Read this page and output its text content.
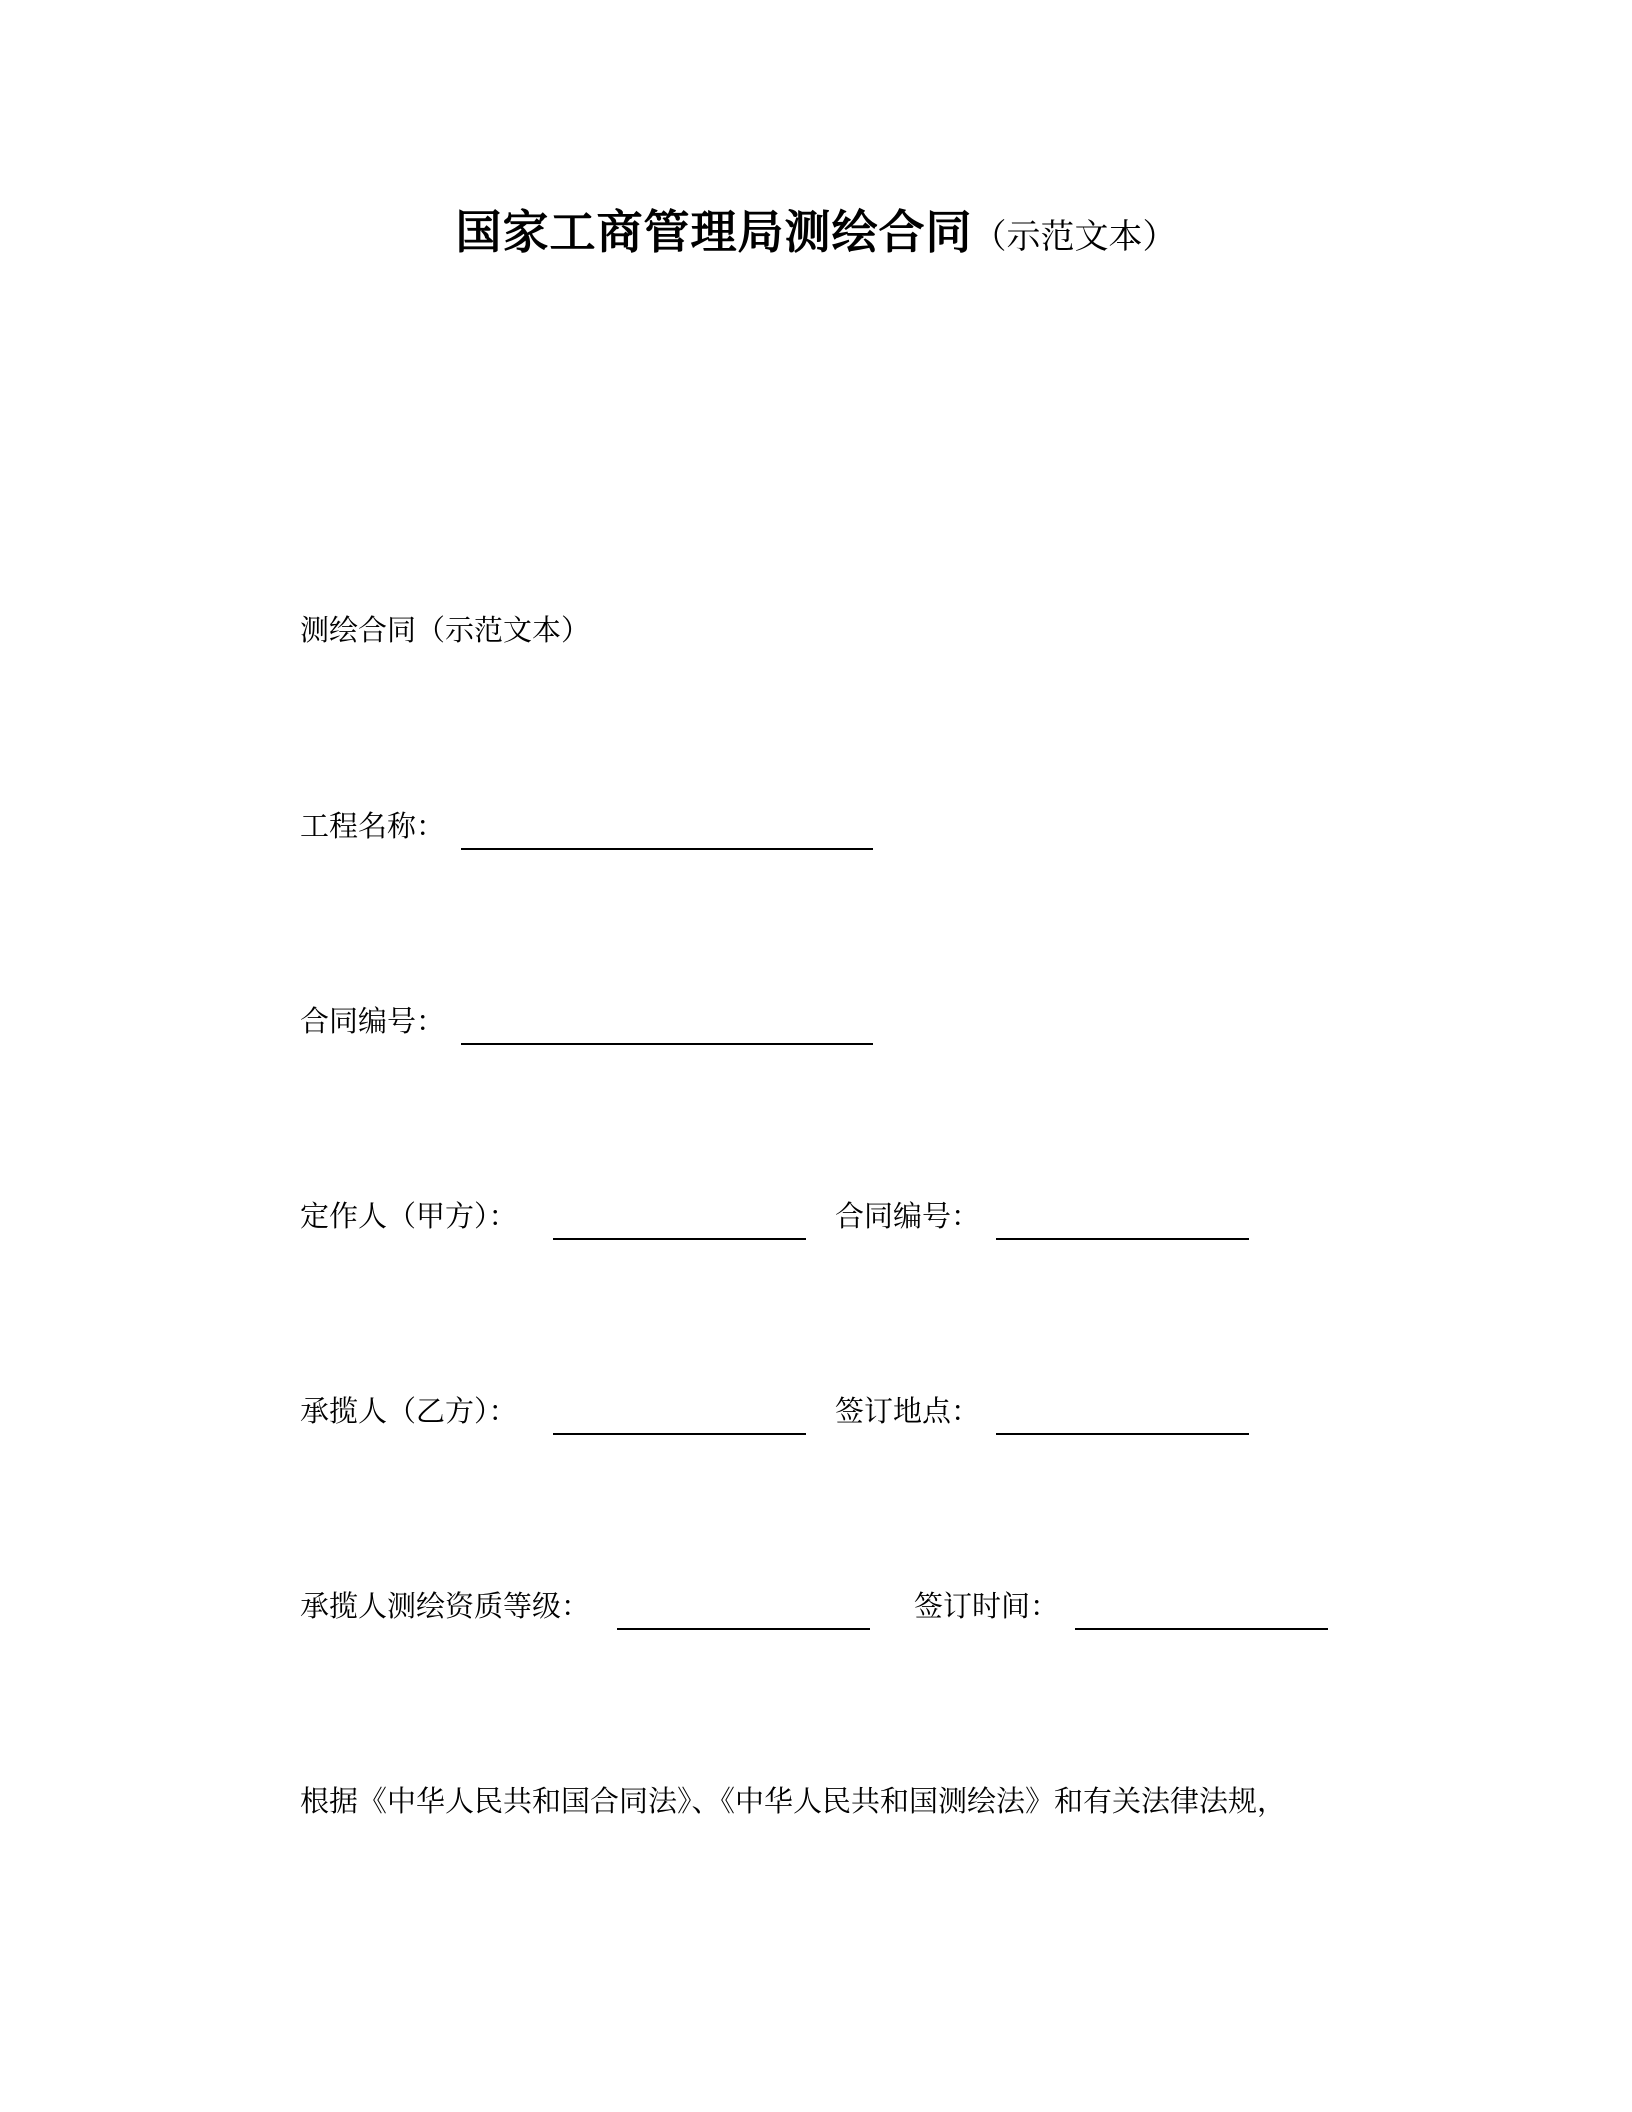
国家工商管理局测绘合同（示范文本）
测绘合同（示范文本）
工程名称：
合同编号：
定作人（甲方）：	合同编号：
承揽人（乙方）：	签订地点：
承揽人测绘资质等级：	签订时间：
根据《中华人民共和国合同法》、《中华人民共和国测绘法》和有关法律法规，
